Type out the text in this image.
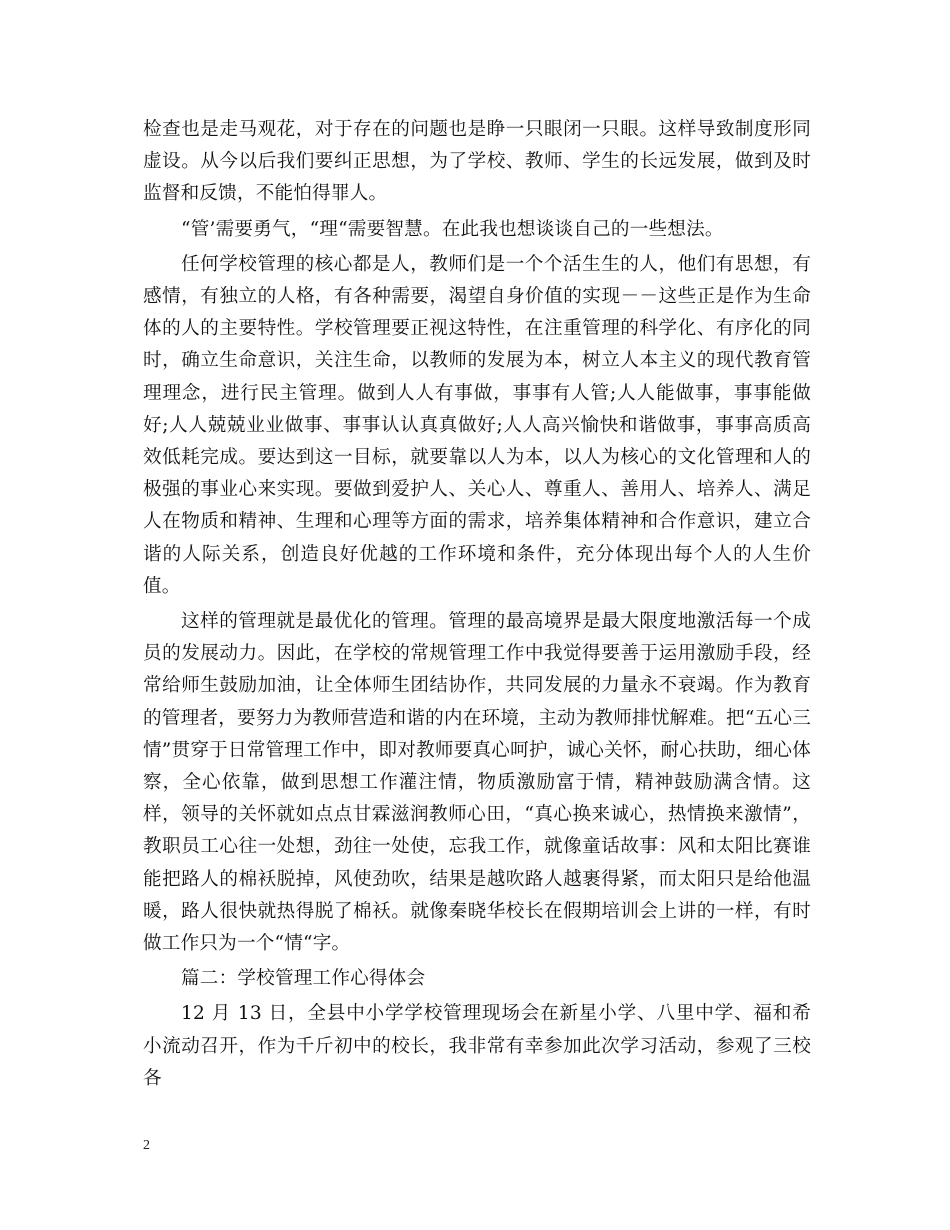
检查也是走马观花，对于存在的问题也是睁一只眼闭一只眼。这样导致制度形同虚设。从今以后我们要纠正思想，为了学校、教师、学生的长远发展，做到及时监督和反馈，不能怕得罪人。

“管’需要勇气，“理“需要智慧。在此我也想谈谈自己的一些想法。

任何学校管理的核心都是人，教师们是一个个活生生的人，他们有思想，有感情，有独立的人格，有各种需要，渴望自身价值的实现－－这些正是作为生命体的人的主要特性。学校管理要正视这特性，在注重管理的科学化、有序化的同时，确立生命意识，关注生命，以教师的发展为本，树立人本主义的现代教育管理理念，进行民主管理。做到人人有事做，事事有人管;人人能做事，事事能做好;人人兢兢业业做事、事事认认真真做好;人人高兴愉快和谐做事，事事高质高效低耗完成。要达到这一目标，就要靠以人为本，以人为核心的文化管理和人的极强的事业心来实现。要做到爱护人、关心人、尊重人、善用人、培养人、满足人在物质和精神、生理和心理等方面的需求，培养集体精神和合作意识，建立合谐的人际关系，创造良好优越的工作环境和条件，充分体现出每个人的人生价值。

这样的管理就是最优化的管理。管理的最高境界是最大限度地激活每一个成员的发展动力。因此，在学校的常规管理工作中我觉得要善于运用激励手段，经常给师生鼓励加油，让全体师生团结协作，共同发展的力量永不衰竭。作为教育的管理者，要努力为教师营造和谐的内在环境，主动为教师排忧解难。把“五心三情”贯穿于日常管理工作中，即对教师要真心呵护，诚心关怀，耐心扶助，细心体察，全心依靠，做到思想工作灌注情，物质激励富于情，精神鼓励满含情。这样，领导的关怀就如点点甘霖滋润教师心田，“真心换来诚心，热情换来激情”，教职员工心往一处想，劲往一处使，忘我工作，就像童话故事：风和太阳比赛谁能把路人的棉袄脱掉，风使劲吹，结果是越吹路人越裹得紧，而太阳只是给他温暖，路人很快就热得脱了棉袄。就像秦晓华校长在假期培训会上讲的一样，有时做工作只为一个“情“字。

篇二：学校管理工作心得体会

12 月 13 日，全县中小学学校管理现场会在新星小学、八里中学、福和希小流动召开，作为千斤初中的校长，我非常有幸参加此次学习活动，参观了三校各

2
